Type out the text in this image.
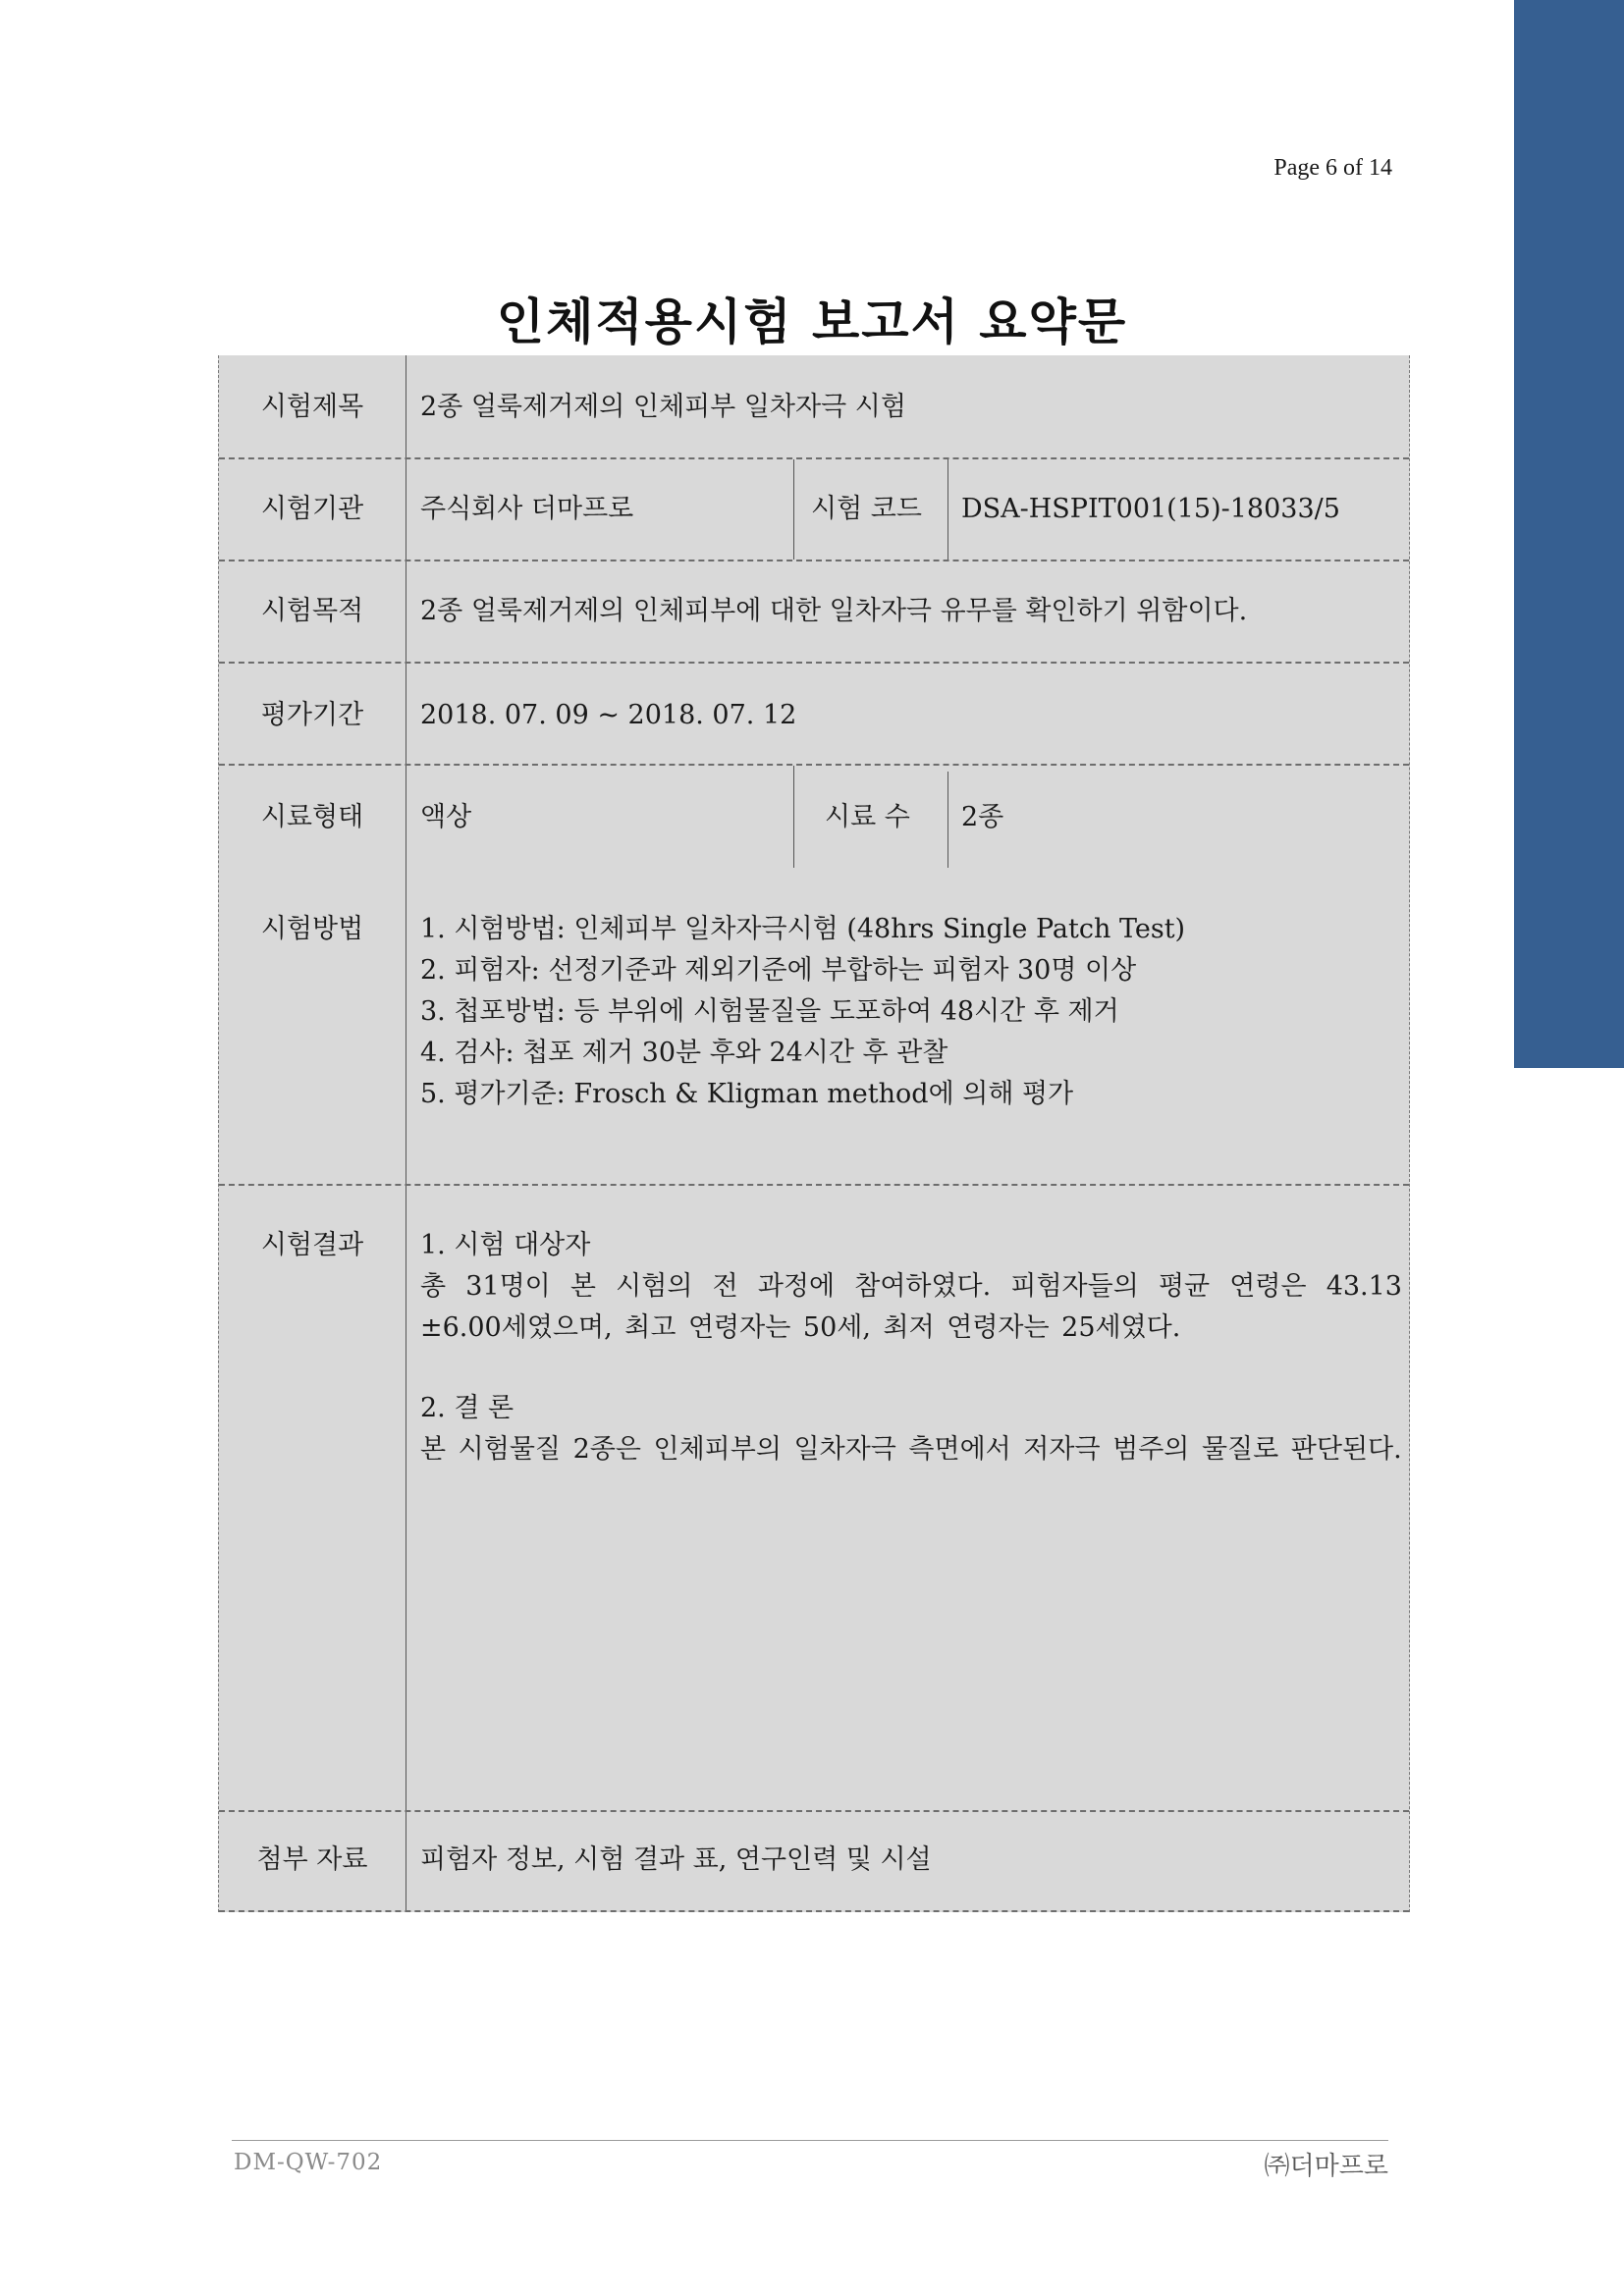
Page 6 of 14
인체적용시험 보고서 요약문
시험제목	2종 얼룩제거제의 인체피부 일차자극 시험
시험기관	주식회사 더마프로	시험 코드 DSA-HSPIT001(15)-18033/5
시험목적	2종 얼룩제거제의 인체피부에 대한 일차자극 유무를 확인하기 위함이다.
평가기간	2018. 07. 09 ~ 2018. 07. 12
시료형태	액상	시료 수 2종
시험방법	1. 시험방법: 인체피부 일차자극시험 (48hrs Single Patch Test)
2. 피험자: 선정기준과 제외기준에 부합하는 피험자 30명 이상
3. 첩포방법: 등 부위에 시험물질을 도포하여 48시간 후 제거
4. 검사: 첩포 제거 30분 후와 24시간 후 관찰
5. 평가기준: Frosch & Kligman method에 의해 평가
시험결과	1. 시험 대상자
총 31명이 본 시험의 전 과정에 참여하였다. 피험자들의 평균 연령은 43.13 ±6.00세였으며, 최고 연령자는 50세, 최저 연령자는 25세였다.
2. 결 론
본 시험물질 2종은 인체피부의 일차자극 측면에서 저자극 범주의 물질로 판단된다.
첨부 자료	피험자 정보, 시험 결과 표, 연구인력 및 시설
DM-QW-702	㈜더마프로
